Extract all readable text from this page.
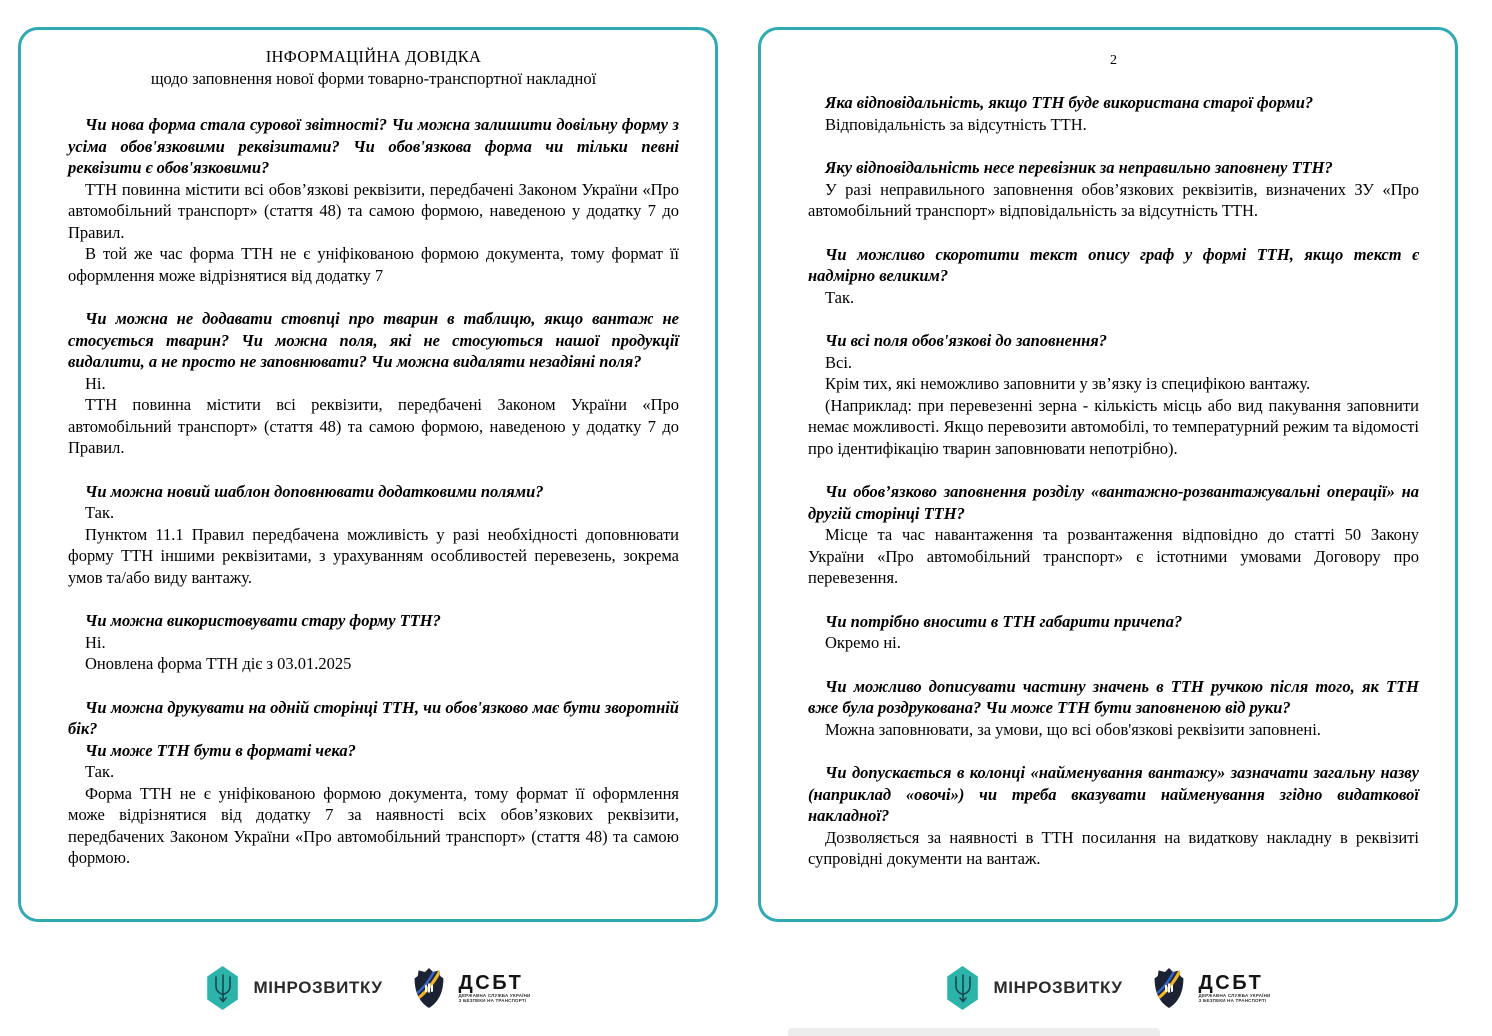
ІНФОРМАЦІЙНА ДОВІДКА
щодо заповнення нової форми товарно-транспортної накладної
Чи нова форма стала сурової звітності? Чи можна залишити довільну форму з усіма обов'язковими реквізитами? Чи обов'язкова форма чи тільки певні реквізити є обов'язковими?
ТТН повинна містити всі обов’язкові реквізити, передбачені Законом України «Про автомобільний транспорт» (стаття 48) та самою формою, наведеною у додатку 7 до Правил.
В той же час форма ТТН не є уніфікованою формою документа, тому формат її оформлення може відрізнятися від додатку 7
Чи можна не додавати стовпці про тварин в таблицю, якщо вантаж не стосується тварин? Чи можна поля, які не стосуються нашої продукції видалити, а не просто не заповнювати? Чи можна видаляти незадіяні поля?
Ні.
ТТН повинна містити всі реквізити, передбачені Законом України «Про автомобільний транспорт» (стаття 48) та самою формою, наведеною у додатку 7 до Правил.
Чи можна новий шаблон доповнювати додатковими полями?
Так.
Пунктом 11.1 Правил передбачена можливість у разі необхідності доповнювати форму ТТН іншими реквізитами, з урахуванням особливостей перевезень, зокрема умов та/або виду вантажу.
Чи можна використовувати стару форму ТТН?
Ні.
Оновлена форма ТТН діє з 03.01.2025
Чи можна друкувати на одній сторінці ТТН, чи обов'язково має бути зворотній бік?
Чи може ТТН бути в форматі чека?
Так.
Форма ТТН не є уніфікованою формою документа, тому формат її оформлення може відрізнятися від додатку 7 за наявності всіх обов’язкових реквізити, передбачених Законом України «Про автомобільний транспорт» (стаття 48) та самою формою.
2
Яка відповідальність, якщо ТТН буде використана старої форми?
Відповідальність за відсутність ТТН.
Яку відповідальність несе перевізник за неправильно заповнену ТТН?
У разі неправильного заповнення обов’язкових реквізитів, визначених ЗУ «Про автомобільний транспорт» відповідальність за відсутність ТТН.
Чи можливо скоротити текст опису граф у формі ТТН, якщо текст є надмірно великим?
Так.
Чи всі поля обов'язкові до заповнення?
Всі.
Крім тих, які неможливо заповнити у зв’язку із специфікою вантажу.
(Наприклад: при перевезенні зерна - кількість місць або вид пакування заповнити немає можливості. Якщо перевозити автомобілі, то температурний режим та відомості про ідентифікацію тварин заповнювати непотрібно).
Чи обов’язково заповнення розділу «вантажно-розвантажувальні операції» на другій сторінці ТТН?
Місце та час навантаження та розвантаження відповідно до статті 50 Закону України «Про автомобільний транспорт» є істотними умовами Договору про перевезення.
Чи потрібно вносити в ТТН габарити причепа?
Окремо ні.
Чи можливо дописувати частину значень в ТТН ручкою після того, як ТТН вже була роздрукована? Чи може ТТН бути заповненою від руки?
Можна заповнювати, за умови, що всі обов'язкові реквізити заповнені.
Чи допускається в колонці «найменування вантажу» зазначати загальну назву (наприклад «овочі») чи треба вказувати найменування згідно видаткової накладної?
Дозволяється за наявності в ТТН посилання на видаткову накладну в реквізиті супровідні документи на вантаж.
МІНРОЗВИТКУ	ДСБТ
ДЕРЖАВНА СЛУЖБА УКРАЇНИ
З БЕЗПЕКИ НА ТРАНСПОРТІ
МІНРОЗВИТКУ	ДСБТ
ДЕРЖАВНА СЛУЖБА УКРАЇНИ
З БЕЗПЕКИ НА ТРАНСПОРТІ
